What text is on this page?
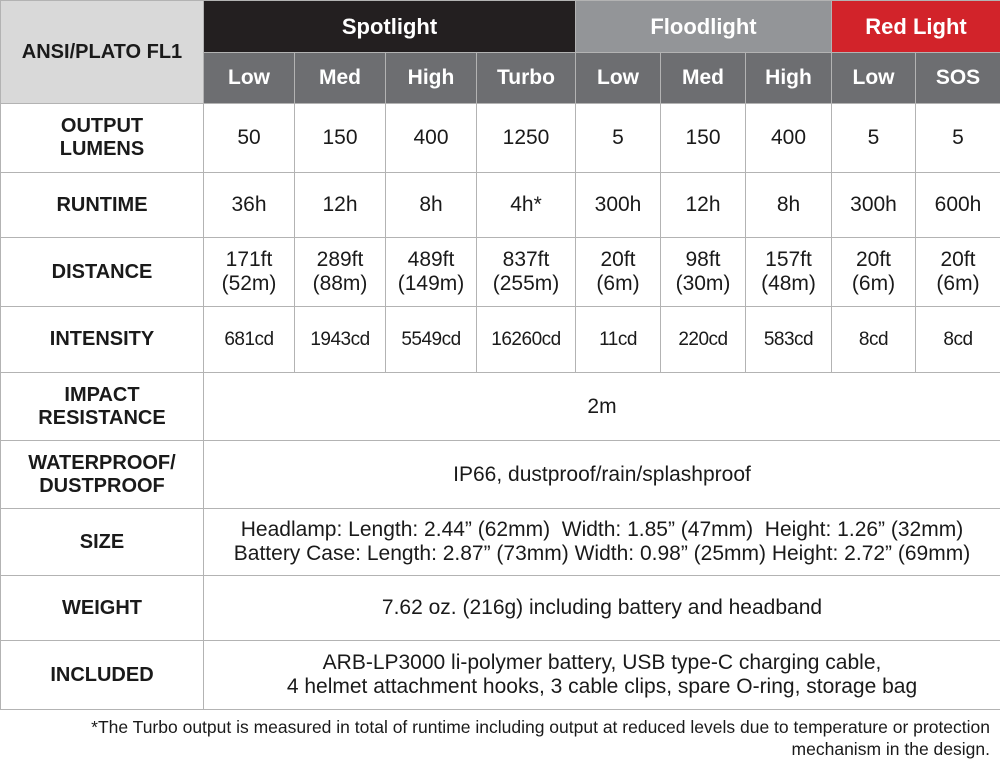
ANSI/PLATO FL1	Spotlight				Floodlight			Red Light	
	Low	Med	High	Turbo	Low	Med	High	Low	SOS

OUTPUT
LUMENS	50	150	400	1250	5	150	400	5	5
RUNTIME	36h	12h	8h	4h*	300h	12h	8h	300h	600h
DISTANCE	171ft
(52m)	289ft
(88m)	489ft
(149m)	837ft
(255m)	20ft
(6m)	98ft
(30m)	157ft
(48m)	20ft
(6m)	20ft
(6m)

INTENSITY	681cd	1943cd	5549cd	16260cd	11cd	220cd	583cd	8cd	8cd

IMPACT
RESISTANCE	2m								

WATERPROOF/
DUSTPROOF	IP66, dustproof/rain/splashproof								
SIZE	Headlamp: Length: 2.44” (62mm)  Width: 1.85” (47mm)  Height: 1.26” (32mm)
Battery Case: Length: 2.87” (73mm) Width: 0.98” (25mm) Height: 2.72” (69mm)								

WEIGHT	7.62 oz. (216g) including battery and headband								
INCLUDED	ARB-LP3000 li-polymer battery, USB type-C charging cable,
4 helmet attachment hooks, 3 cable clips, spare O-ring, storage bag								
*The Turbo output is measured in total of runtime including output at reduced levels due to temperature or protection
mechanism in the design.
